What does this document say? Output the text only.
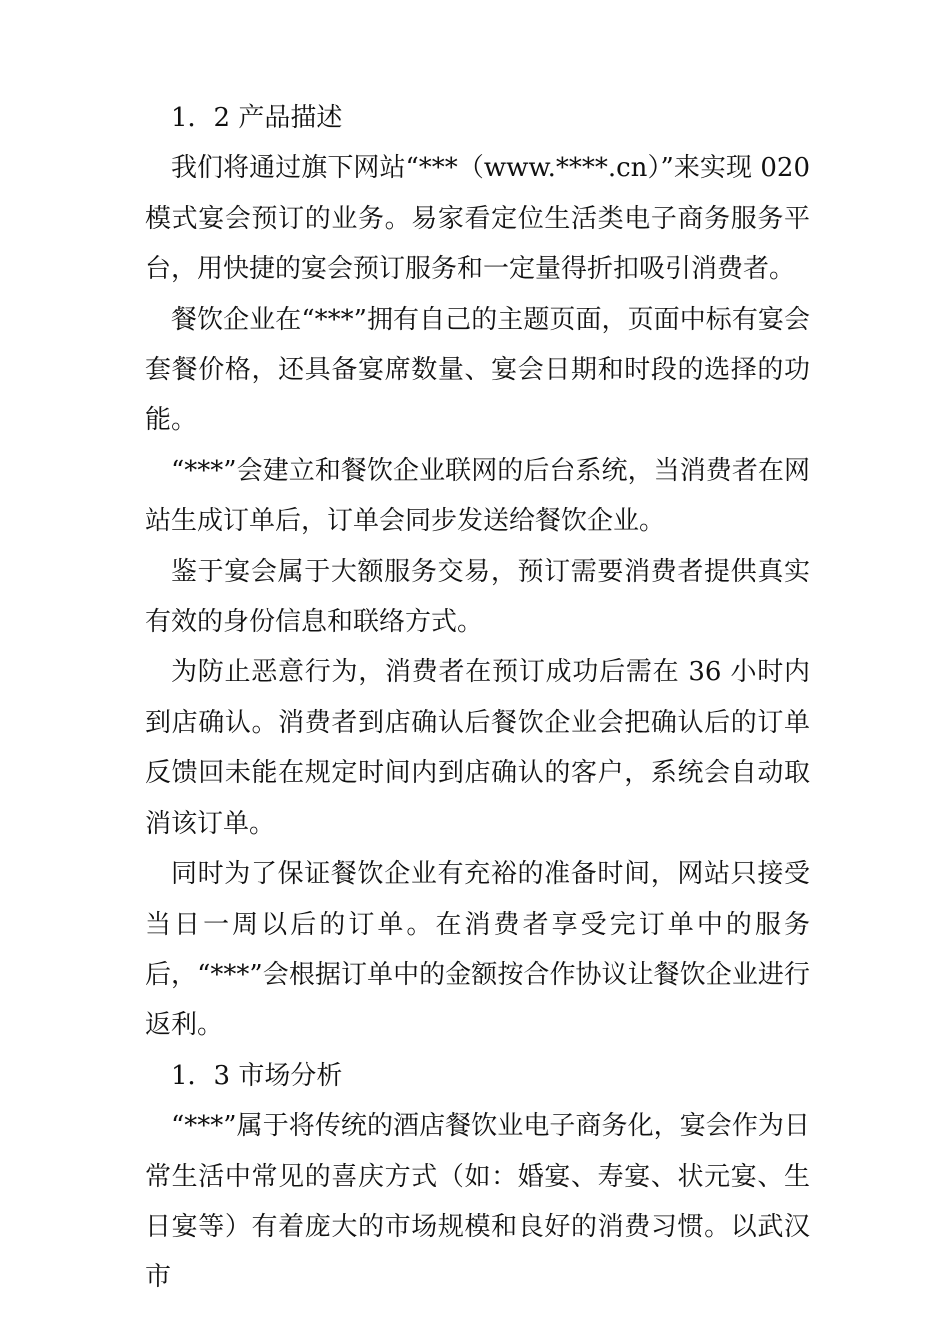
1．2 产品描述

我们将通过旗下网站“***（www.****.cn）”来实现 020 模式宴会预订的业务。易家看定位生活类电子商务服务平台，用快捷的宴会预订服务和一定量得折扣吸引消费者。

餐饮企业在“***”拥有自己的主题页面，页面中标有宴会套餐价格，还具备宴席数量、宴会日期和时段的选择的功能。

“***”会建立和餐饮企业联网的后台系统，当消费者在网站生成订单后，订单会同步发送给餐饮企业。

鉴于宴会属于大额服务交易，预订需要消费者提供真实有效的身份信息和联络方式。

为防止恶意行为，消费者在预订成功后需在 36 小时内到店确认。消费者到店确认后餐饮企业会把确认后的订单反馈回未能在规定时间内到店确认的客户，系统会自动取消该订单。

同时为了保证餐饮企业有充裕的准备时间，网站只接受当日一周以后的订单。在消费者享受完订单中的服务后，“***”会根据订单中的金额按合作协议让餐饮企业进行返利。

1．3 市场分析

“***”属于将传统的酒店餐饮业电子商务化，宴会作为日常生活中常见的喜庆方式（如：婚宴、寿宴、状元宴、生日宴等）有着庞大的市场规模和良好的消费习惯。以武汉市
